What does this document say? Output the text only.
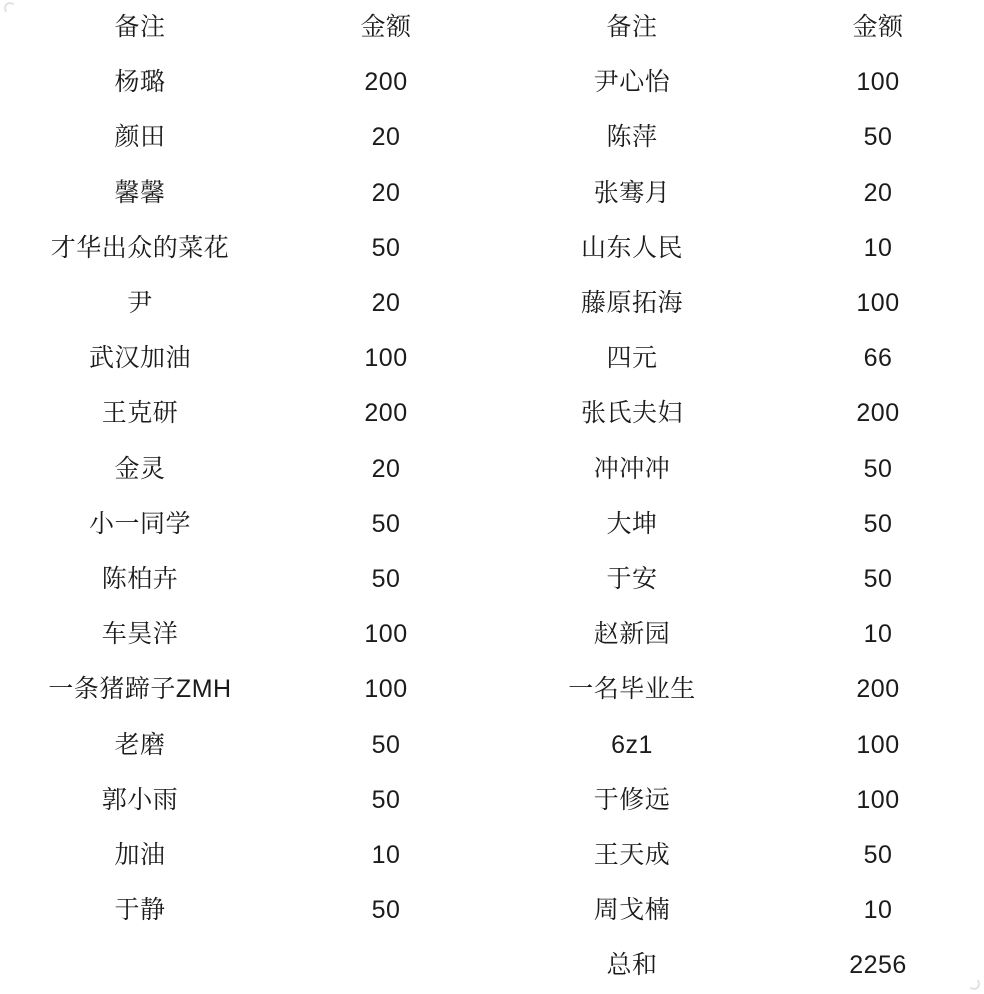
备注	金额	备注	金额
杨璐	200	尹心怡	100
颜田	20	陈萍	50
馨馨	20	张骞月	20
才华出众的菜花	50	山东人民	10
尹	20	藤原拓海	100
武汉加油	100	四元	66
王克研	200	张氏夫妇	200
金灵	20	冲冲冲	50
小一同学	50	大坤	50
陈柏卉	50	于安	50
车昊洋	100	赵新园	10
一条猪蹄子ZMH	100	一名毕业生	200
老磨	50	6z1	100
郭小雨	50	于修远	100
加油	10	王天成	50
于静	50	周戈楠	10
		总和	2256
